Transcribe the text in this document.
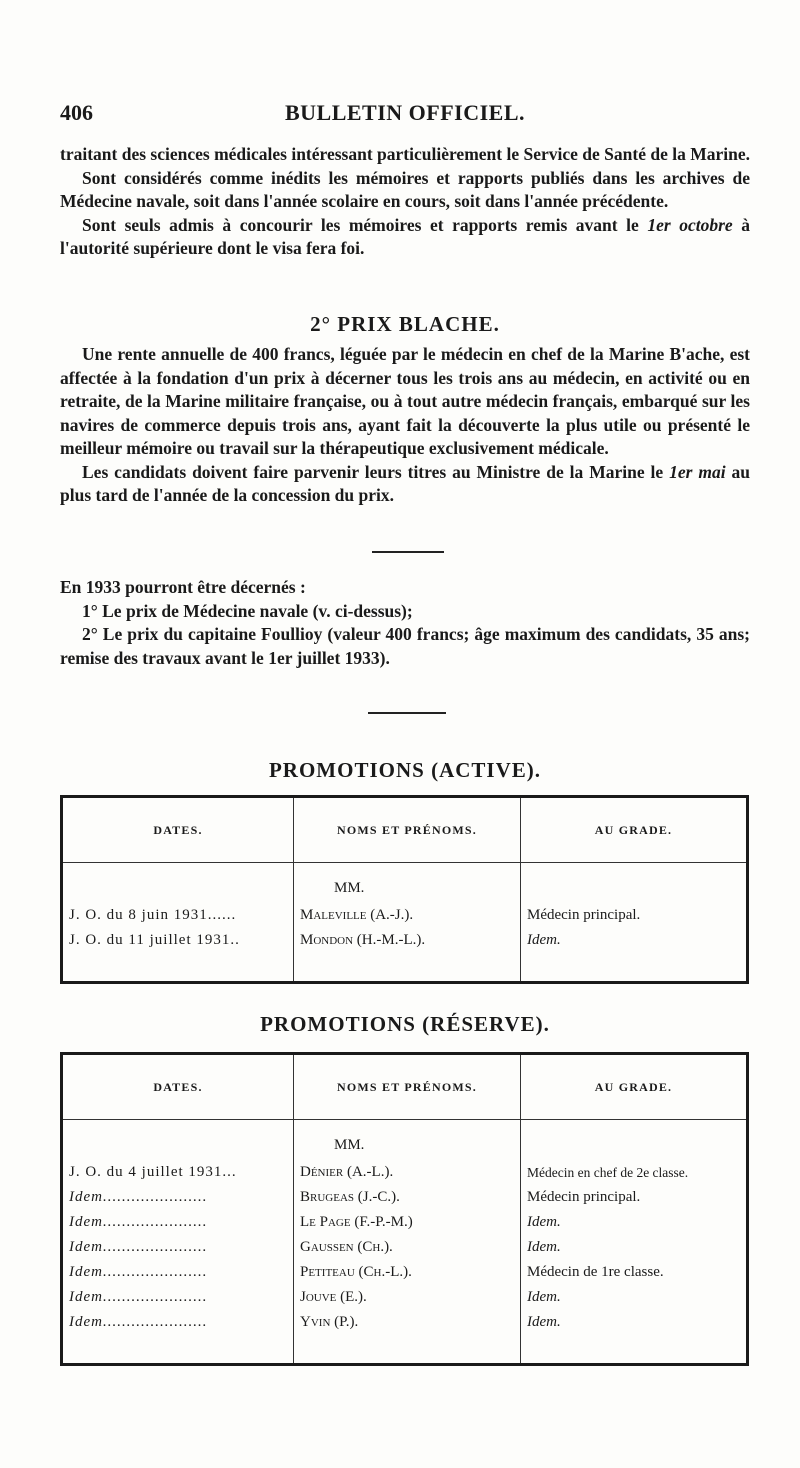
406	BULLETIN OFFICIEL.

traitant des sciences médicales intéressant particulièrement le Service de Santé de la Marine.

Sont considérés comme inédits les mémoires et rapports publiés dans les archives de Médecine navale, soit dans l'année scolaire en cours, soit dans l'année précédente.

Sont seuls admis à concourir les mémoires et rapports remis avant le 1er octobre à l'autorité supérieure dont le visa fera foi.

2° PRIX BLACHE.

Une rente annuelle de 400 francs, léguée par le médecin en chef de la Marine B'ache, est affectée à la fondation d'un prix à décerner tous les trois ans au médecin, en activité ou en retraite, de la Marine militaire française, ou à tout autre médecin français, embarqué sur les navires de commerce depuis trois ans, ayant fait la découverte la plus utile ou présenté le meilleur mémoire ou travail sur la thérapeutique exclusivement médicale.

Les candidats doivent faire parvenir leurs titres au Ministre de la Marine le 1er mai au plus tard de l'année de la concession du prix.

En 1933 pourront être décernés :

1° Le prix de Médecine navale (v. ci-dessus);

2° Le prix du capitaine Foullioy (valeur 400 francs; âge maximum des candidats, 35 ans; remise des travaux avant le 1er juillet 1933).

PROMOTIONS (ACTIVE).
DATES.	NOMS ET PRÉNOMS.	AU GRADE.
	MM.	
J. O. du 8 juin 1931......	Maleville (A.-J.).	Médecin principal.
J. O. du 11 juillet 1931..	Mondon (H.-M.-L.).	Idem.
PROMOTIONS (RÉSERVE).
DATES.	NOMS ET PRÉNOMS.	AU GRADE.
	MM.	
J. O. du 4 juillet 1931...	Dénier (A.-L.).	Médecin en chef de 2e classe.
Idem......................	Brugeas (J.-C.).	Médecin principal.
Idem......................	Le Page (F.-P.-M.)	Idem.
Idem......................	Gaussen (Ch.).	Idem.
Idem......................	Petiteau (Ch.-L.).	Médecin de 1re classe.
Idem......................	Jouve (E.).	Idem.
Idem......................	Yvin (P.).	Idem.
